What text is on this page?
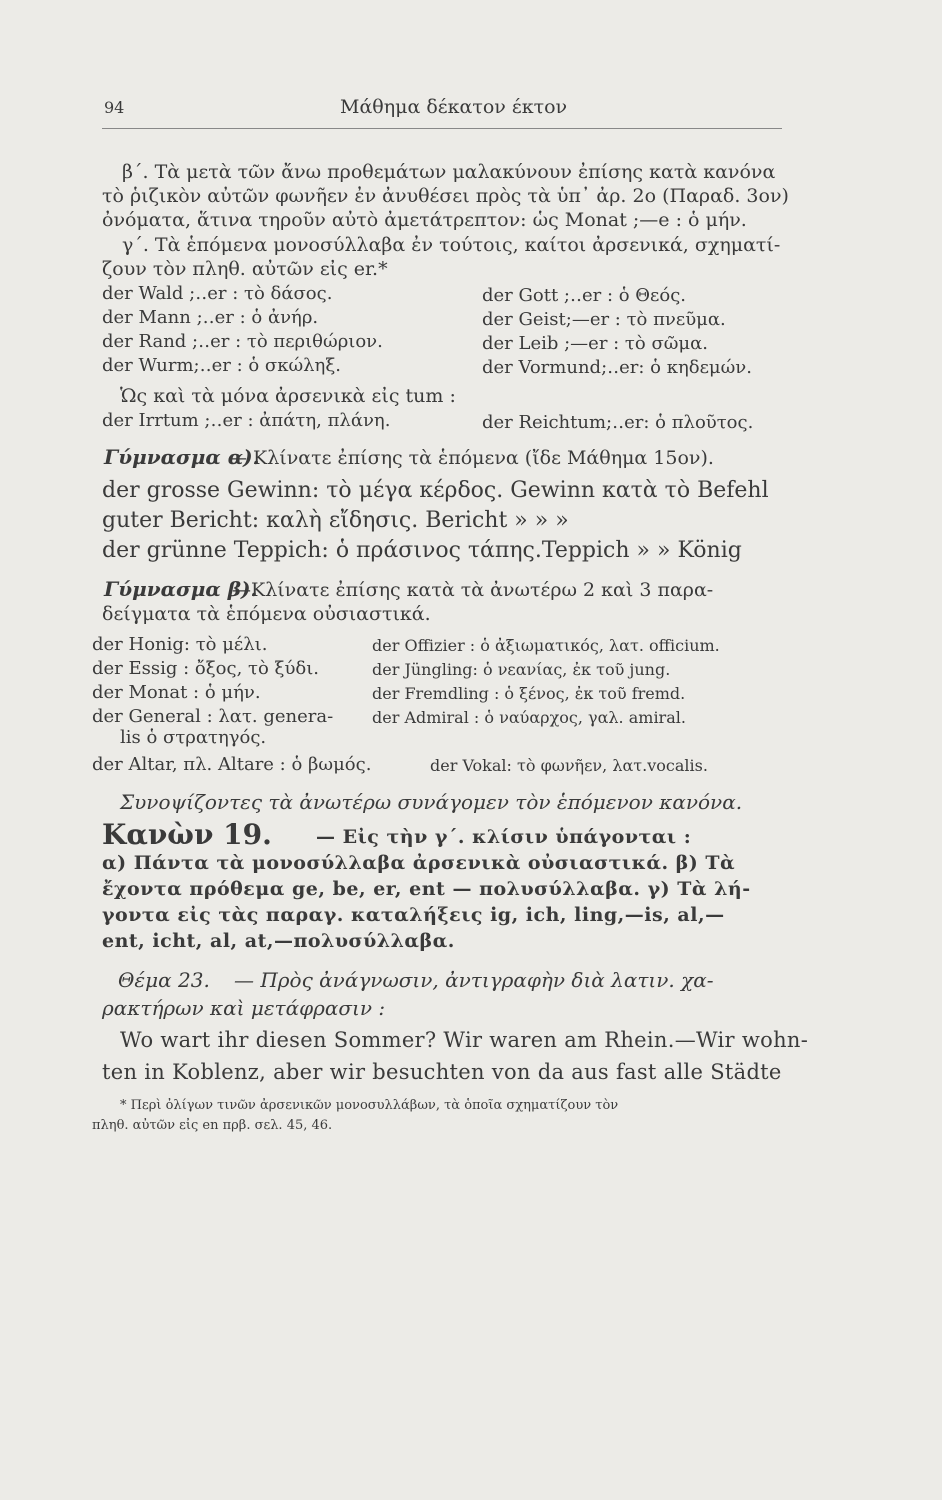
94	Μάθημα δέκατον έκτον
β΄. Τὰ μετὰ τῶν ἄνω προθεμάτων μαλακύνουν ἐπίσης κατὰ κανόνα
τὸ ῥιζικὸν αὐτῶν φωνῆεν ἐν ἀνυθέσει πρὸς τὰ ὑπ᾽ ἀρ. 2ο (Παραδ. 3ον)
ὀνόματα, ἅτινα τηροῦν αὐτὸ ἀμετάτρεπτον: ὡς Monat ;—e : ὁ μήν.
γ΄. Τὰ ἑπόμενα μονοσύλλαβα ἐν τούτοις, καίτοι ἀρσενικά, σχηματί-
ζουν τὸν πληθ. αὐτῶν εἰς er.*
der Wald ;‥er : τὸ δάσος.
der Mann ;‥er : ὁ ἀνήρ.
der Rand ;‥er : τὸ περιθώριον.
der Wurm;‥er : ὁ σκώληξ.
der Gott ;‥er : ὁ Θεός.
der Geist;—er : τὸ πνεῦμα.
der Leib ;—er : τὸ σῶμα.
der Vormund;‥er: ὁ κηδεμών.
Ὡς καὶ τὰ μόνα ἀρσενικὰ εἰς tum :
der Irrtum ;‥er : ἀπάτη, πλάνη.	der Reichtum;‥er: ὁ πλοῦτος.
Γύμνασμα α).
— Κλίνατε ἐπίσης τὰ ἑπόμενα (ἴδε Μάθημα 15ον).
der grosse Gewinn: τὸ μέγα κέρδος. Gewinn κατὰ τὸ Befehl
guter Bericht: καλὴ εἴδησις. Bericht » » »
der grünne Teppich: ὁ πράσινος τάπης.Teppich » » König
Γύμνασμα β).
—Κλίνατε ἐπίσης κατὰ τὰ ἀνωτέρω 2 καὶ 3 παρα-
δείγματα τὰ ἑπόμενα οὐσιαστικά.
der Honig: τὸ μέλι.
der Essig : ὄξος, τὸ ξύδι.
der Monat : ὁ μήν.
der General : λατ. genera-
lis ὁ στρατηγός.
der Altar, πλ. Altare : ὁ βωμός.
der Offizier : ὁ ἀξιωματικός, λατ. officium.
der Jüngling: ὁ νεανίας, ἐκ τοῦ jung.
der Fremdling : ὁ ξένος, ἐκ τοῦ fremd.
der Admiral : ὁ ναύαρχος, γαλ. amiral.
der Vokal: τὸ φωνῆεν, λατ.vocalis.
Συνοψίζοντες τὰ ἀνωτέρω συνάγομεν τὸν ἑπόμενον κανόνα.
Κανὼν 19. — Εἰς τὴν γ΄. κλίσιν ὑπάγονται :
α) Πάντα τὰ μονοσύλλαβα ἀρσενικὰ οὐσιαστικά. β) Τὰ
ἔχοντα πρόθεμα ge, be, er, ent — πολυσύλλαβα. γ) Τὰ λή-
γοντα εἰς τὰς παραγ. καταλήξεις ig, ich, ling,—is, al,—
ent, icht, al, at,—πολυσύλλαβα.
Θέμα 23. — Πρὸς ἀνάγνωσιν, ἀντιγραφὴν διὰ λατιν. χα-
ρακτήρων καὶ μετάφρασιν :
Wo wart ihr diesen Sommer? Wir waren am Rhein.—Wir wohn-
ten in Koblenz, aber wir besuchten von da aus fast alle Städte
* Περὶ ὀλίγων τινῶν ἀρσενικῶν μονοσυλλάβων, τὰ ὁποῖα σχηματίζουν τὸν
πληθ. αὐτῶν εἰς en πρβ. σελ. 45, 46.
